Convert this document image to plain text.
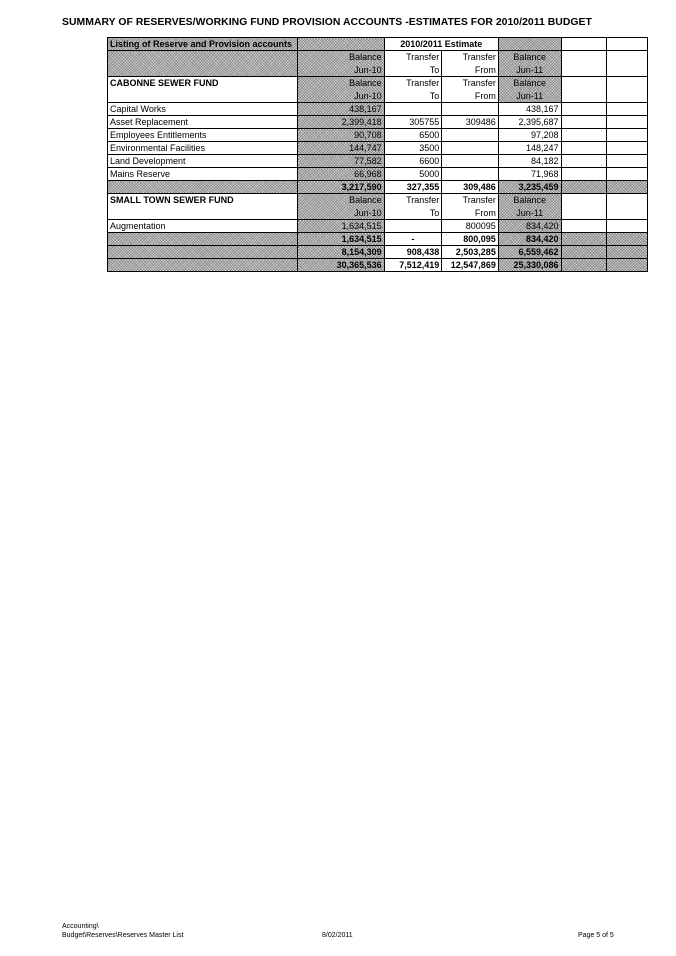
SUMMARY OF RESERVES/WORKING FUND PROVISION ACCOUNTS -ESTIMATES FOR 2010/2011 BUDGET
Listing of Reserve and Provision accounts		2010/2011 Estimate				
	Balance	Transfer	Transfer	Balance		
	Jun-10	To	From	Jun-11		
CABONNE SEWER FUND	Balance	Transfer	Transfer	Balance		
	Jun-10	To	From	Jun-11		
Capital Works	438,167			438,167		
Asset Replacement	2,399,418	305755	309486	2,395,687		
Employees Entitlements	90,708	6500		97,208		
Environmental Facilities	144,747	3500		148,247		
Land Development	77,582	6600		84,182		
Mains Reserve	66,968	5000		71,968		
	3,217,590	327,355	309,486	3,235,459		
SMALL TOWN SEWER FUND	Balance	Transfer	Transfer	Balance		
	Jun-10	To	From	Jun-11		
Augmentation	1,634,515		800095	834,420		
	1,634,515	-	800,095	834,420		
	8,154,309	908,438	2,503,285	6,559,462		
	30,365,536	7,512,419	12,547,869	25,330,086		
Accounting\
Budget\Reserves\Reserves Master List	8/02/2011	Page 5 of 5
